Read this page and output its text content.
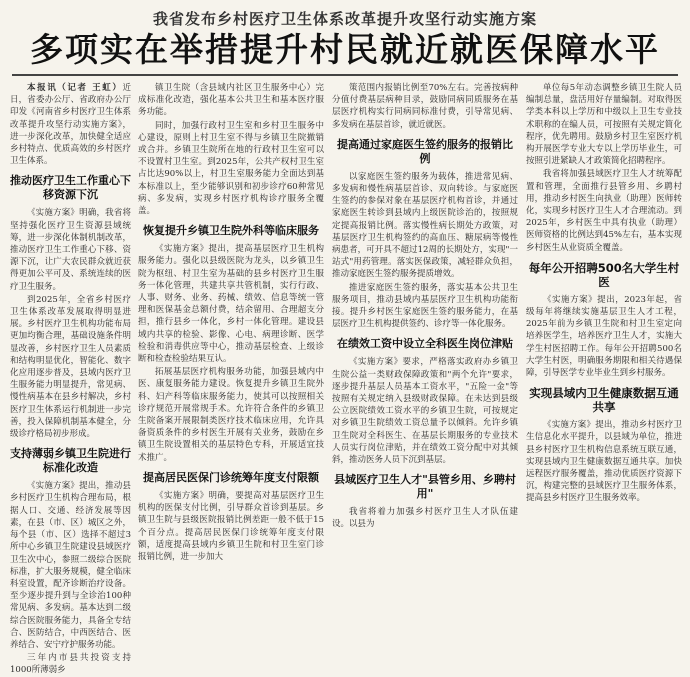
我省发布乡村医疗卫生体系改革提升攻坚行动实施方案
多项实在举措提升村民就近就医保障水平

本报讯（记者 王虹）近日，省委办公厅、省政府办公厅印发《河南省乡村医疗卫生体系改革提升攻坚行动实施方案》，进一步深化改革，加快健全适应乡村特点、优质高效的乡村医疗卫生体系。

推动医疗卫生工作重心下移资源下沉

《实施方案》明确，我省将坚持强化医疗卫生资源县域统筹，进一步深化体制机制改革，推动医疗卫生工作重心下移、资源下沉，让广大农民群众就近获得更加公平可及、系统连续的医疗卫生服务。

到2025年，全省乡村医疗卫生体系改革发展取得明显进展。乡村医疗卫生机构功能布局更加均衡合理，基础设施条件明显改善，乡村医疗卫生人员素质和结构明显优化，智能化、数字化应用逐步普及，县域内医疗卫生服务能力明显提升，常见病、慢性病基本在县乡村解决，乡村医疗卫生体系运行机制进一步完善，投入保障机制基本健全，分级诊疗格局初步形成。

支持薄弱乡镇卫生院进行标准化改造

《实施方案》提出，推动县乡村医疗卫生机构合理布局，根据人口、交通、经济发展等因素，在县（市、区）城区之外，每个县（市、区）选择不超过3所中心乡镇卫生院建设县域医疗卫生次中心，参照二级综合医院标准，扩大服务规模，健全临床科室设置，配齐诊断治疗设备。至少逐步提升到与全诊治100种常见病、多发病。基本达到二级综合医院服务能力，具备全专结合、医防结合，中西医结合、医养结合、安宁疗护服务功能。

三年内市县共投资支持1000所薄弱乡

镇卫生院（含县域内社区卫生服务中心）完成标准化改造，强化基本公共卫生和基本医疗服务功能。

同时，加强行政村卫生室和乡村卫生服务中心建设，原则上村卫生室不得与乡镇卫生院撤销或合并。乡镇卫生院所在地的行政村卫生室可以不设置村卫生室。到2025年，公共产权村卫生室占比达90%以上，村卫生室服务能力全面达到基本标准以上，至少能够识别和初步诊疗60种常见病、多发病，实现乡村医疗机构诊疗服务全覆盖。

恢复提升乡镇卫生院外科等临床服务

《实施方案》提出，提高基层医疗卫生机构服务能力。强化以县级医院为龙头，以乡镇卫生院为枢纽、村卫生室为基础的县乡村医疗卫生服务一体化管理，共建共享共管机制，实行行政、人事、财务、业务、药械、绩效、信息等统一管理和医保基金总额付费，结余留用、合理超支分担，推行县乡一体化，乡村一体化管理。建设县域内共享的检验、影像、心电、病理诊断、医学检验和消毒供应等中心，推动基层检查、上级诊断和检查检验结果互认。

拓展基层医疗机构服务功能，加强县域内中医、康复服务能力建设。恢复提升乡镇卫生院外科、妇产科等临床服务能力，使其可以按照相关诊疗规范开展常规手术。允许符合条件的乡镇卫生院备案开展限制类医疗技术临床应用，允许具备资质条件的乡村医生开展有关业务，鼓励在乡镇卫生院设置相关的基层特色专科，开展适宜技术推广。

提高居民医保门诊统筹年度支付限额

《实施方案》明确，要提高对基层医疗卫生机构的医保支付比例，引导群众首诊到基层。乡镇卫生院与县级医院报销比例差距一般不低于15个百分点。提高居民医保门诊统筹年度支付限额，适度提高县域内乡镇卫生院和村卫生室门诊报销比例，进一步加大

策范围内报销比例至70%左右。完善按病种分值付费基层病种目录，鼓励同病同质服务在基层医疗机构实行同病同标准付费，引导常见病、多发病在基层首诊，就近就医。

提高通过家庭医生签约服务的报销比例

以家庭医生签约服务为载体，推进常见病、多发病和慢性病基层首诊、双向转诊。与家庭医生签约的参保对象在基层医疗机构首诊，并通过家庭医生转诊到县域内上级医院诊治的，按照规定提高报销比例。落实慢性病长期处方政策，对基层医疗卫生机构签约的高血压、糖尿病等慢性病患者，可开具不超过12周的长期处方，实现"一站式"用药管理。落实医保政策，减轻群众负担，推动家庭医生签约服务提质增效。

推进家庭医生签约服务，落实基本公共卫生服务项目，推动县域内基层医疗卫生机构功能衔接。提升乡村医生家庭医生签约服务能力，在基层医疗卫生机构提供签约、诊疗等一体化服务。

在绩效工资中设立全科医生岗位津贴

《实施方案》要求，严格落实政府办乡镇卫生院公益一类财政保障政策和"两个允许"要求，逐步提升基层人员基本工资水平，"五险一金"等按照有关规定纳入县级财政保障。在未达到县级公立医院绩效工资水平的乡镇卫生院，可按规定对乡镇卫生院绩效工资总量予以倾斜。允许乡镇卫生院对全科医生、在基层长期服务的专业技术人员实行岗位津贴，并在绩效工资分配中对其倾斜，推动医务人员下沉到基层。

县域医疗卫生人才"县管乡用、乡聘村用"

我省将着力加强乡村医疗卫生人才队伍建设。以县为

单位每5年动态调整乡镇卫生院人员编制总量，盘活用好存量编制。对取得医学类本科以上学历和中级以上卫生专业技术职称的在编人员，可按照有关规定简化程序，优先聘用。鼓励乡村卫生室医疗机构开展医学专业大专以上学历毕业生，可按照引进紧缺人才政策简化招聘程序。

我省将加强县域医疗卫生人才统筹配置和管理，全面推行县管乡用、乡聘村用，推动乡村医生向执业（助理）医师转化，实现乡村医疗卫生人才合理流动。到2025年，乡村医生中具有执业（助理）医师资格的比例达到45%左右，基本实现乡村医生从业资质全覆盖。

每年公开招聘500名大学生村医

《实施方案》提出，2023年起，省级每年将继续实施基层卫生人才工程，2025年前为乡镇卫生院和村卫生室定向培养医学生，培养医疗卫生人才，实施大学生村医招聘工作。每年公开招聘500名大学生村医，明确服务期限和相关待遇保障，引导医学专业毕业生到乡村服务。

实现县域内卫生健康数据互通共享

《实施方案》提出，推动乡村医疗卫生信息化水平提升，以县域为单位，推进县乡村医疗卫生机构信息系统互联互通，实现县域内卫生健康数据互通共享。加快远程医疗服务覆盖，推动优质医疗资源下沉，构建完整的县域医疗卫生服务体系，提高县乡村医疗卫生服务效率。
